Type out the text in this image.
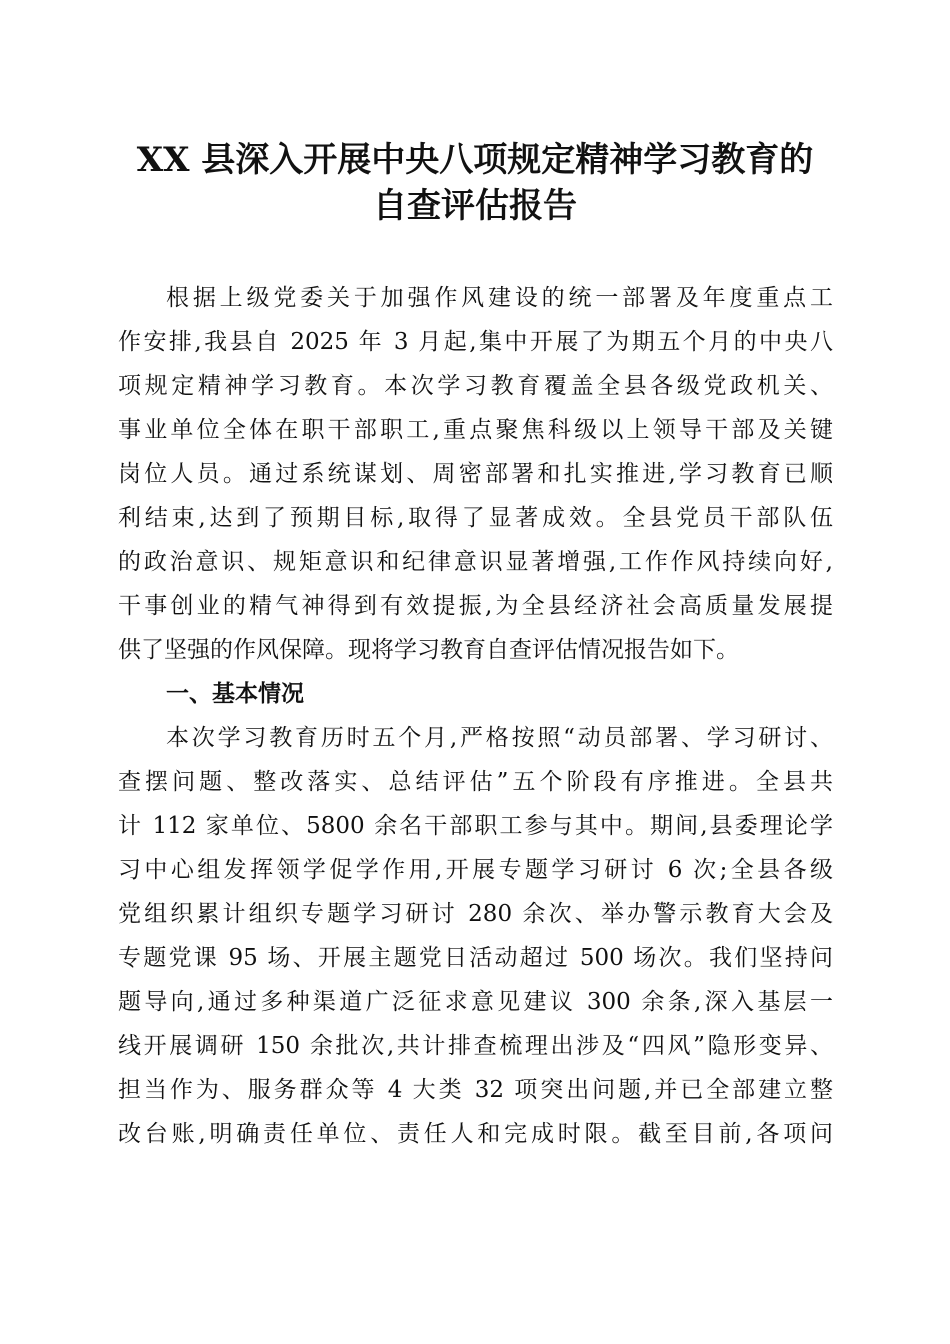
XX 县深入开展中央八项规定精神学习教育的
自查评估报告
根据上级党委关于加强作风建设的统一部署及年度重点工
作安排,我县自 2025 年 3 月起,集中开展了为期五个月的中央八
项规定精神学习教育。本次学习教育覆盖全县各级党政机关、
事业单位全体在职干部职工,重点聚焦科级以上领导干部及关键
岗位人员。通过系统谋划、周密部署和扎实推进,学习教育已顺
利结束,达到了预期目标,取得了显著成效。全县党员干部队伍
的政治意识、规矩意识和纪律意识显著增强,工作作风持续向好,
干事创业的精气神得到有效提振,为全县经济社会高质量发展提
供了坚强的作风保障。现将学习教育自查评估情况报告如下。
一、基本情况
本次学习教育历时五个月,严格按照“动员部署、学习研讨、
查摆问题、整改落实、总结评估”五个阶段有序推进。全县共
计 112 家单位、5800 余名干部职工参与其中。期间,县委理论学
习中心组发挥领学促学作用,开展专题学习研讨 6 次;全县各级
党组织累计组织专题学习研讨 280 余次、举办警示教育大会及
专题党课 95 场、开展主题党日活动超过 500 场次。我们坚持问
题导向,通过多种渠道广泛征求意见建议 300 余条,深入基层一
线开展调研 150 余批次,共计排查梳理出涉及“四风”隐形变异、
担当作为、服务群众等 4 大类 32 项突出问题,并已全部建立整
改台账,明确责任单位、责任人和完成时限。截至目前,各项问
